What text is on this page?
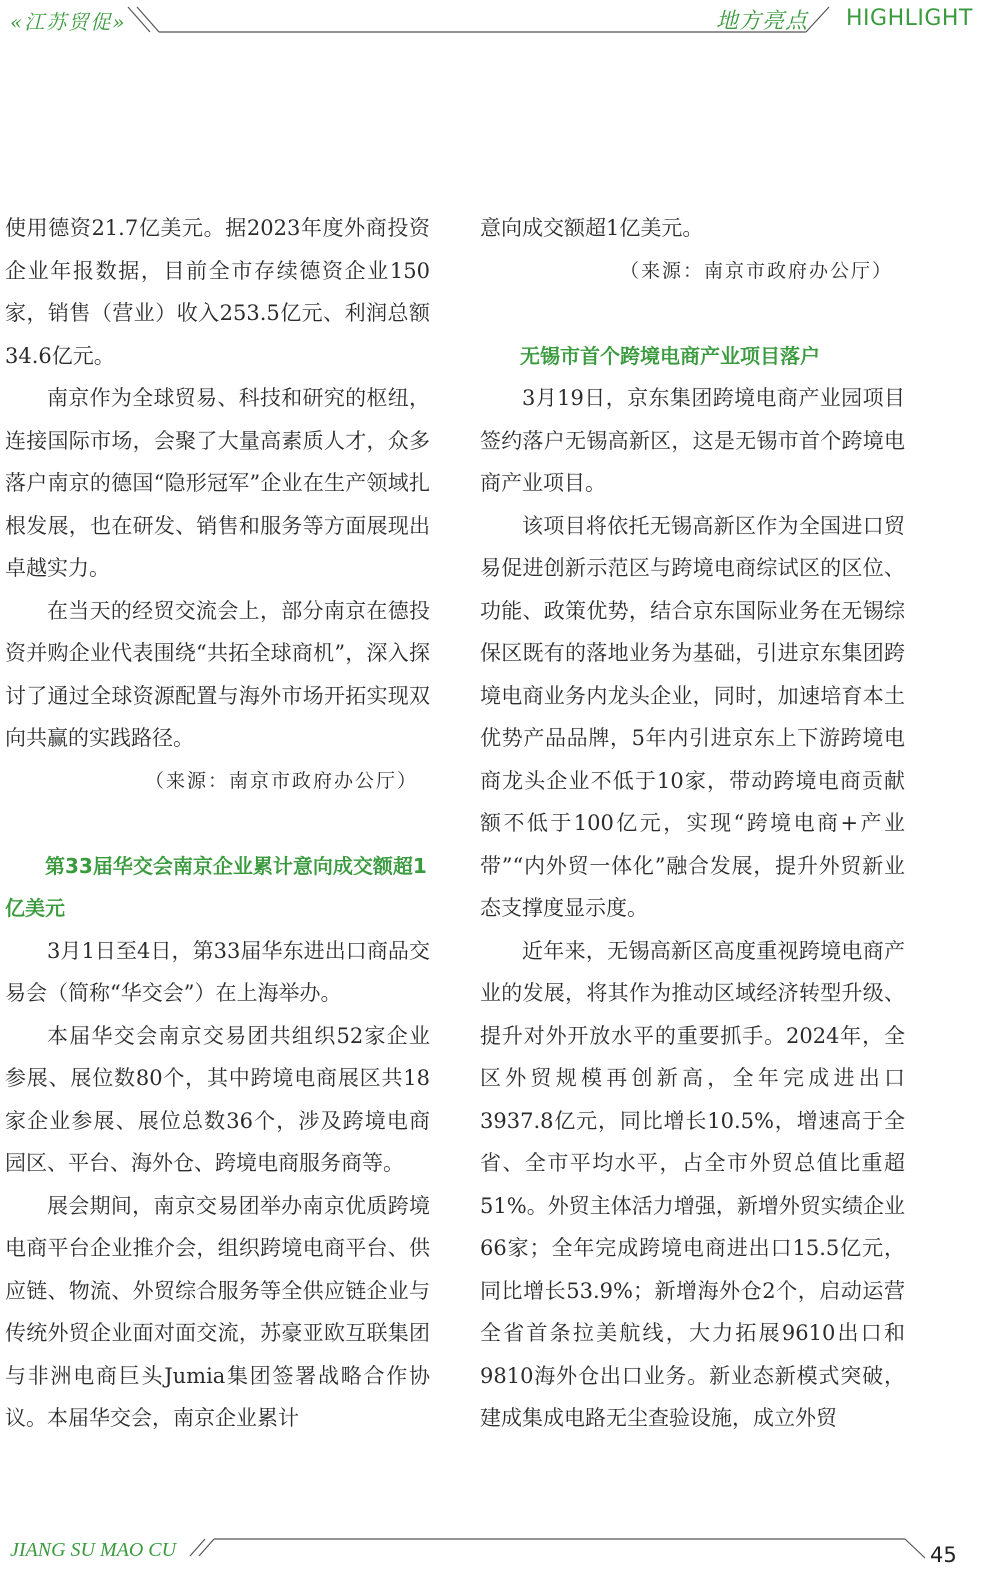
«江苏贸促»	地方亮点 HIGHLIGHT

使用德资21.7亿美元。据2023年度外商投资企业年报数据，目前全市存续德资企业150家，销售（营业）收入253.5亿元、利润总额34.6亿元。

南京作为全球贸易、科技和研究的枢纽，连接国际市场，会聚了大量高素质人才，众多落户南京的德国“隐形冠军”企业在生产领域扎根发展，也在研发、销售和服务等方面展现出卓越实力。

在当天的经贸交流会上，部分南京在德投资并购企业代表围绕“共拓全球商机”，深入探讨了通过全球资源配置与海外市场开拓实现双向共赢的实践路径。

（来源：南京市政府办公厅）

第33届华交会南京企业累计意向成交额超1亿美元

3月1日至4日，第33届华东进出口商品交易会（简称“华交会”）在上海举办。

本届华交会南京交易团共组织52家企业参展、展位数80个，其中跨境电商展区共18家企业参展、展位总数36个，涉及跨境电商园区、平台、海外仓、跨境电商服务商等。

展会期间，南京交易团举办南京优质跨境电商平台企业推介会，组织跨境电商平台、供应链、物流、外贸综合服务等全供应链企业与传统外贸企业面对面交流，苏豪亚欧互联集团与非洲电商巨头Jumia集团签署战略合作协议。本届华交会，南京企业累计

意向成交额超1亿美元。

（来源：南京市政府办公厅）

无锡市首个跨境电商产业项目落户

3月19日，京东集团跨境电商产业园项目签约落户无锡高新区，这是无锡市首个跨境电商产业项目。

该项目将依托无锡高新区作为全国进口贸易促进创新示范区与跨境电商综试区的区位、功能、政策优势，结合京东国际业务在无锡综保区既有的落地业务为基础，引进京东集团跨境电商业务内龙头企业，同时，加速培育本土优势产品品牌，5年内引进京东上下游跨境电商龙头企业不低于10家，带动跨境电商贡献额不低于100亿元，实现“跨境电商+产业带”“内外贸一体化”融合发展，提升外贸新业态支撑度显示度。

近年来，无锡高新区高度重视跨境电商产业的发展，将其作为推动区域经济转型升级、提升对外开放水平的重要抓手。2024年，全区外贸规模再创新高，全年完成进出口3937.8亿元，同比增长10.5%，增速高于全省、全市平均水平，占全市外贸总值比重超51%。外贸主体活力增强，新增外贸实绩企业66家；全年完成跨境电商进出口15.5亿元，同比增长53.9%；新增海外仓2个，启动运营全省首条拉美航线，大力拓展9610出口和9810海外仓出口业务。新业态新模式突破，建成集成电路无尘查验设施，成立外贸

JIANG SU MAO CU	45
